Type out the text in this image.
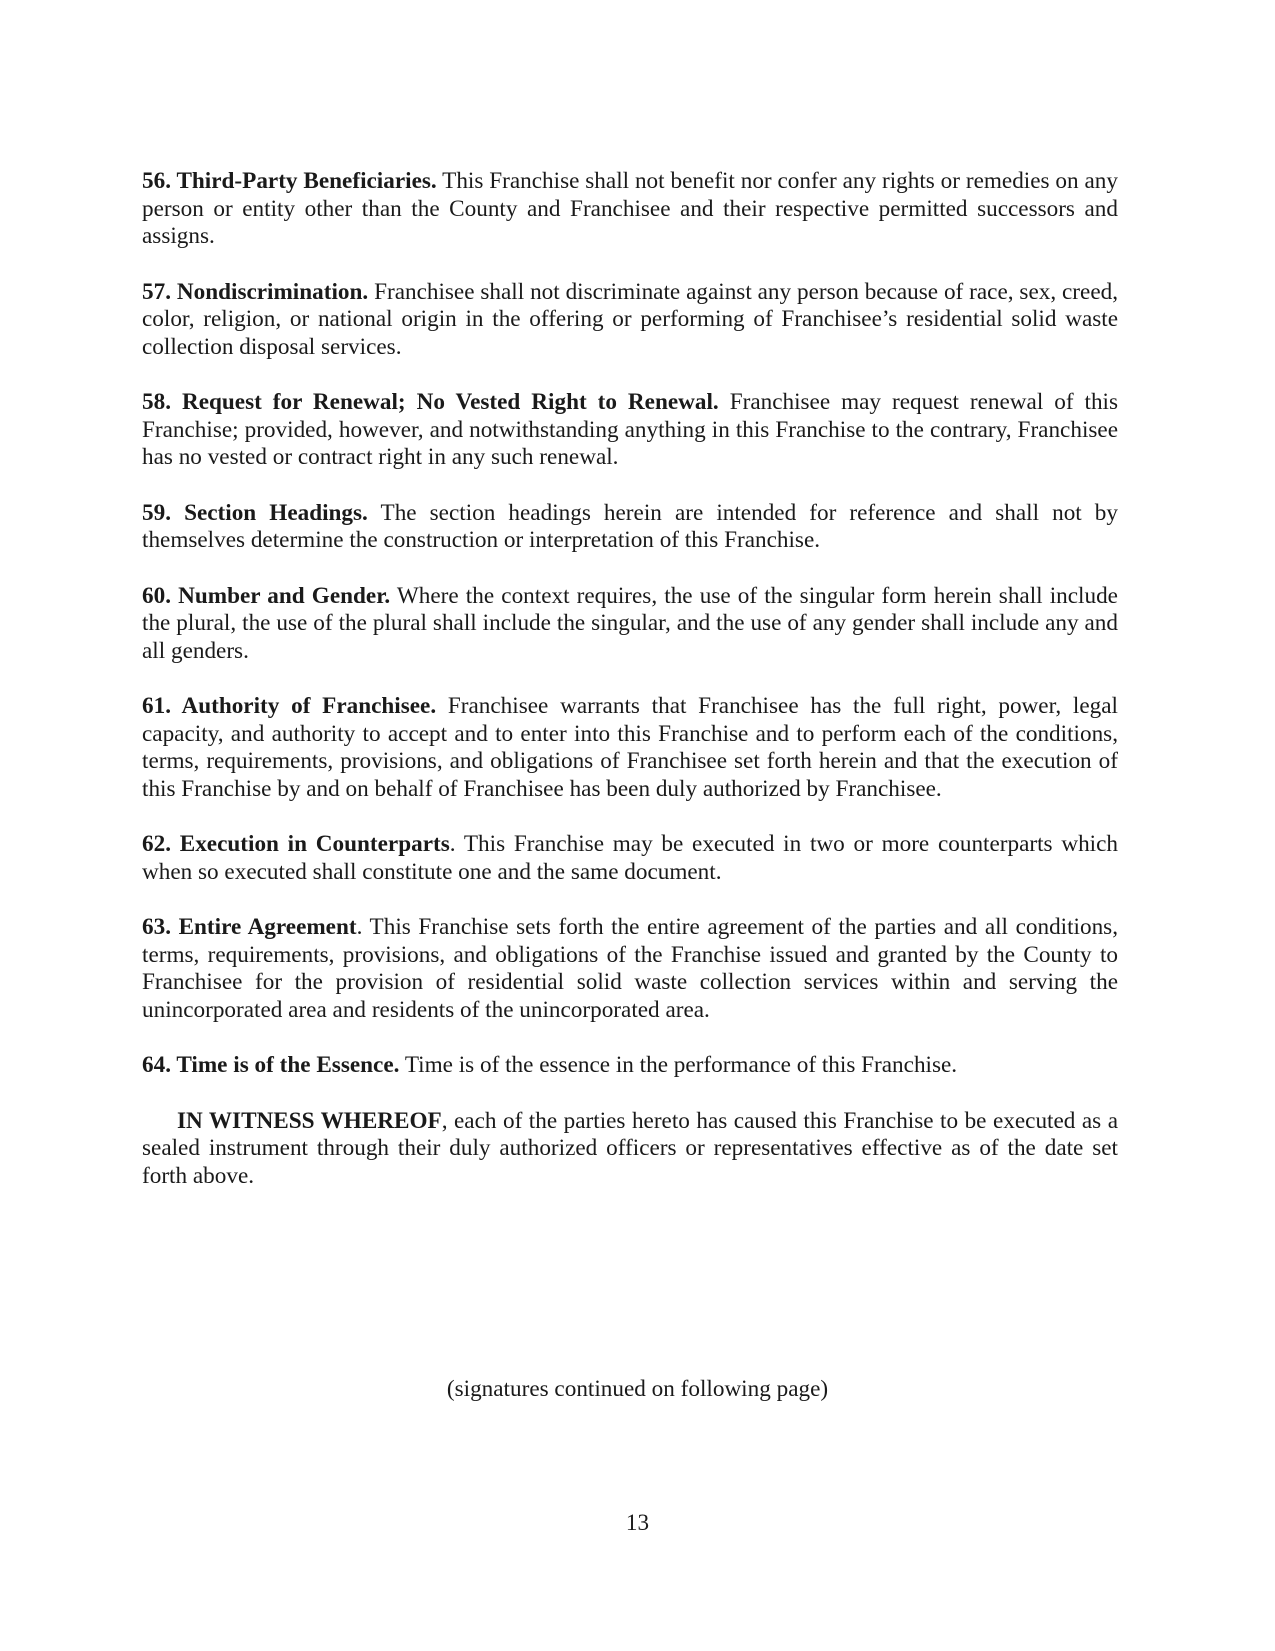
56. Third-Party Beneficiaries. This Franchise shall not benefit nor confer any rights or remedies on any person or entity other than the County and Franchisee and their respective permitted successors and assigns.

57. Nondiscrimination. Franchisee shall not discriminate against any person because of race, sex, creed, color, religion, or national origin in the offering or performing of Franchisee’s residential solid waste collection disposal services.

58. Request for Renewal; No Vested Right to Renewal. Franchisee may request renewal of this Franchise; provided, however, and notwithstanding anything in this Franchise to the contrary, Franchisee has no vested or contract right in any such renewal.

59. Section Headings. The section headings herein are intended for reference and shall not by themselves determine the construction or interpretation of this Franchise.

60. Number and Gender. Where the context requires, the use of the singular form herein shall include the plural, the use of the plural shall include the singular, and the use of any gender shall include any and all genders.

61. Authority of Franchisee. Franchisee warrants that Franchisee has the full right, power, legal capacity, and authority to accept and to enter into this Franchise and to perform each of the conditions, terms, requirements, provisions, and obligations of Franchisee set forth herein and that the execution of this Franchise by and on behalf of Franchisee has been duly authorized by Franchisee.

62. Execution in Counterparts. This Franchise may be executed in two or more counterparts which when so executed shall constitute one and the same document.

63. Entire Agreement. This Franchise sets forth the entire agreement of the parties and all conditions, terms, requirements, provisions, and obligations of the Franchise issued and granted by the County to Franchisee for the provision of residential solid waste collection services within and serving the unincorporated area and residents of the unincorporated area.

64. Time is of the Essence. Time is of the essence in the performance of this Franchise.

IN WITNESS WHEREOF, each of the parties hereto has caused this Franchise to be executed as a sealed instrument through their duly authorized officers or representatives effective as of the date set forth above.

(signatures continued on following page)
13
